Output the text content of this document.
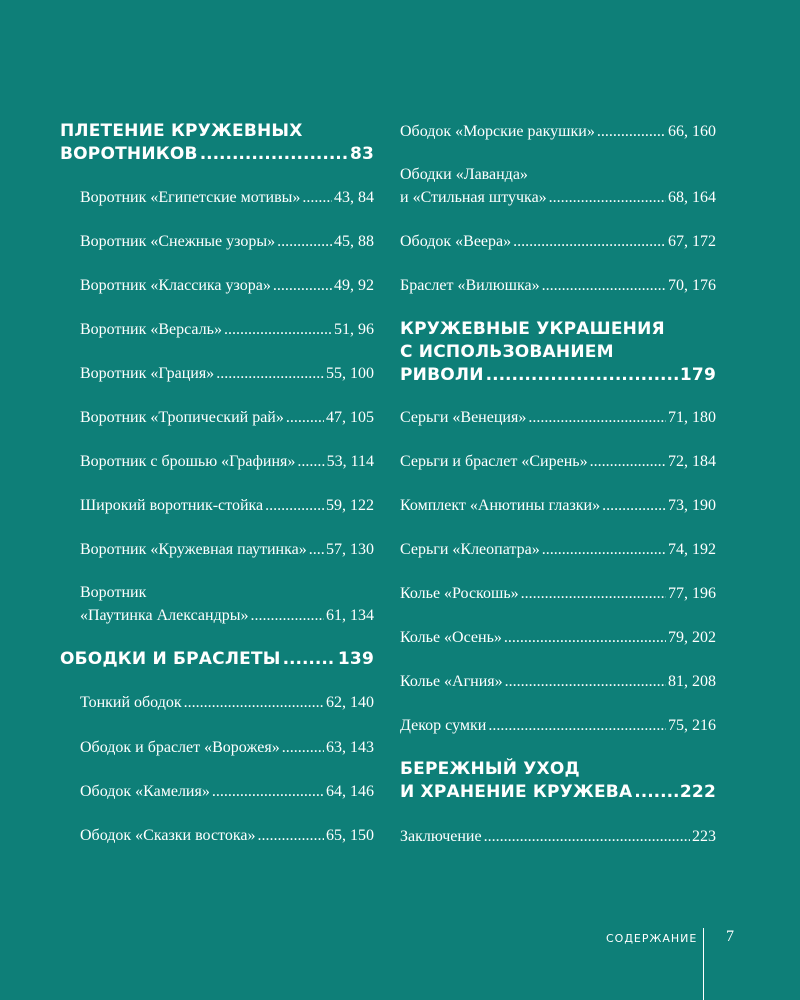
ПЛЕТЕНИЕ КРУЖЕВНЫХ
ВОРОТНИКОВ .....	83
Воротник «Египетские мотивы» ..... 43, 84
Воротник «Снежные узоры» .....	45, 88
Воротник «Классика узора» .....	49, 92
Воротник «Версаль» .....	51, 96
Воротник «Грация» .....	55, 100
Воротник «Тропический рай» .....	47, 105
Воротник с брошью «Графиня» ..... 53, 114
Широкий воротник-стойка .....	59, 122
Воротник «Кружевная паутинка» ..... 57, 130
Воротник
«Паутинка Александры» .....	61, 134
ОБОДКИ И БРАСЛЕТЫ .....	139
Тонкий ободок .....	62, 140
Ободок и браслет «Ворожея» .....	63, 143
Ободок «Камелия» .....	64, 146
Ободок «Сказки востока» .....	65, 150
Ободок «Морские ракушки» .....	66, 160
Ободки «Лаванда»
и «Стильная штучка» .....	68, 164
Ободок «Веера» .....	67, 172
Браслет «Вилюшка» .....	70, 176
КРУЖЕВНЫЕ УКРАШЕНИЯ
С ИСПОЛЬЗОВАНИЕМ
РИВОЛИ .....	179
Серьги «Венеция» .....	71, 180
Серьги и браслет «Сирень» .....	72, 184
Комплект «Анютины глазки» .....	73, 190
Серьги «Клеопатра» .....	74, 192
Колье «Роскошь» .....	77, 196
Колье «Осень» .....	79, 202
Колье «Агния» .....	81, 208
Декор сумки .....	75, 216
БЕРЕЖНЫЙ УХОД
И ХРАНЕНИЕ КРУЖЕВА .....	222
Заключение .....	223
СОДЕРЖАНИЕ 7
